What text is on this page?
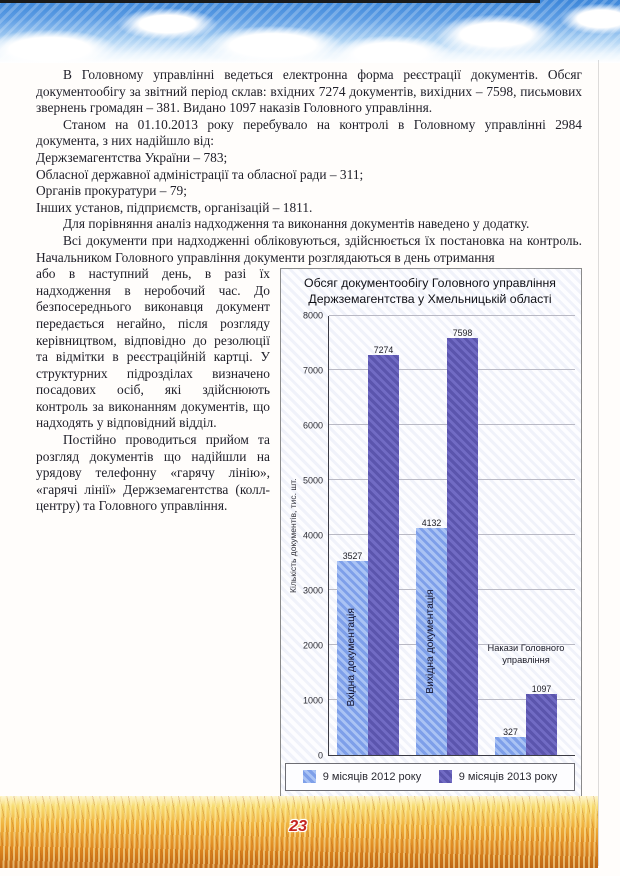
В Головному управлінні ведеться електронна форма реєстрації документів. Обсяг документообігу за звітний період склав: вхідних 7274 документів, вихідних – 7598, письмових звернень громадян – 381. Видано 1097 наказів Головного управління.

Станом на 01.10.2013 року перебувало на контролі в Головному управлінні 2984 документа, з них надійшло від:

Держземагентства України – 783;

Обласної державної адміністрації та обласної ради – 311;

Органів прокуратури – 79;

Інших установ, підприємств, організацій – 1811.

Для порівняння аналіз надходження та виконання документів наведено у додатку.

Всі документи при надходженні обліковуються, здійснюється їх постановка на контроль. Начальником Головного управління документи розглядаються в день отримання

Обсяг документообігу Головного управління Держземагентства у Хмельницькій області
Кількість документів, тис. шт.
0
1000
2000
3000
4000
5000
6000
7000
8000
3527
Вхідна документація
7274
4132
Вихідна документація
7598
327
1097
Накази Головного управління
9 місяців 2012 року	9 місяців 2013 року

або в наступний день, в разі їх надходження в неробочий час. До безпосереднього виконавця документ передається негайно, після розгляду керівництвом, відповідно до резолюції та відмітки в реєстраційній картці. У структурних підрозділах визначено посадових осіб, які здійснюють контроль за виконанням документів, що надходять у відповідний відділ.

Постійно проводиться прийом та розгляд документів що надійшли на урядову телефонну «гарячу лінію», «гарячі лінії» Держземагентства (колл-центру) та Головного управління.

23
